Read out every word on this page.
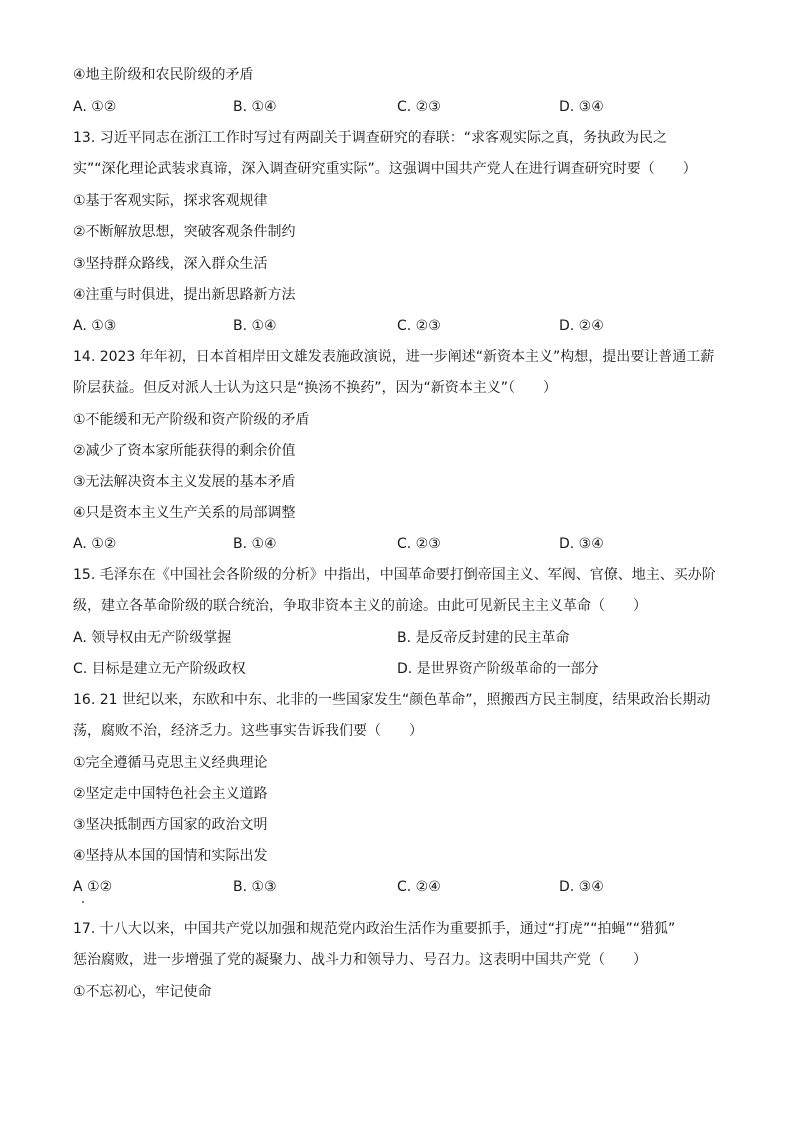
④地主阶级和农民阶级的矛盾
A. ①②	B. ①④	C. ②③	D. ③④
13. 习近平同志在浙江工作时写过有两副关于调查研究的春联：“求客观实际之真，务执政为民之
实”“深化理论武装求真谛，深入调查研究重实际”。这强调中国共产党人在进行调查研究时要（　　）
①基于客观实际，探求客观规律
②不断解放思想，突破客观条件制约
③坚持群众路线，深入群众生活
④注重与时俱进，提出新思路新方法
A. ①③	B. ①④	C. ②③	D. ②④
14. 2023 年年初，日本首相岸田文雄发表施政演说，进一步阐述“新资本主义”构想，提出要让普通工薪
阶层获益。但反对派人士认为这只是“换汤不换药”，因为“新资本主义”（　　）
①不能缓和无产阶级和资产阶级的矛盾
②减少了资本家所能获得的剩余价值
③无法解决资本主义发展的基本矛盾
④只是资本主义生产关系的局部调整
A. ①②	B. ①④	C. ②③	D. ③④
15. 毛泽东在《中国社会各阶级的分析》中指出，中国革命要打倒帝国主义、军阀、官僚、地主、买办阶
级，建立各革命阶级的联合统治，争取非资本主义的前途。由此可见新民主主义革命（　　）
A. 领导权由无产阶级掌握	B. 是反帝反封建的民主革命
C. 目标是建立无产阶级政权	D. 是世界资产阶级革命的一部分
16. 21 世纪以来，东欧和中东、北非的一些国家发生“颜色革命”，照搬西方民主制度，结果政治长期动
荡，腐败不治，经济乏力。这些事实告诉我们要（　　）
①完全遵循马克思主义经典理论
②坚定走中国特色社会主义道路
③坚决抵制西方国家的政治文明
④坚持从本国的国情和实际出发
A ①②	B. ①③	C. ②④	D. ③④
17. 十八大以来，中国共产党以加强和规范党内政治生活作为重要抓手，通过“打虎”“拍蝇”“猎狐”
惩治腐败，进一步增强了党的凝聚力、战斗力和领导力、号召力。这表明中国共产党（　　）
①不忘初心，牢记使命
